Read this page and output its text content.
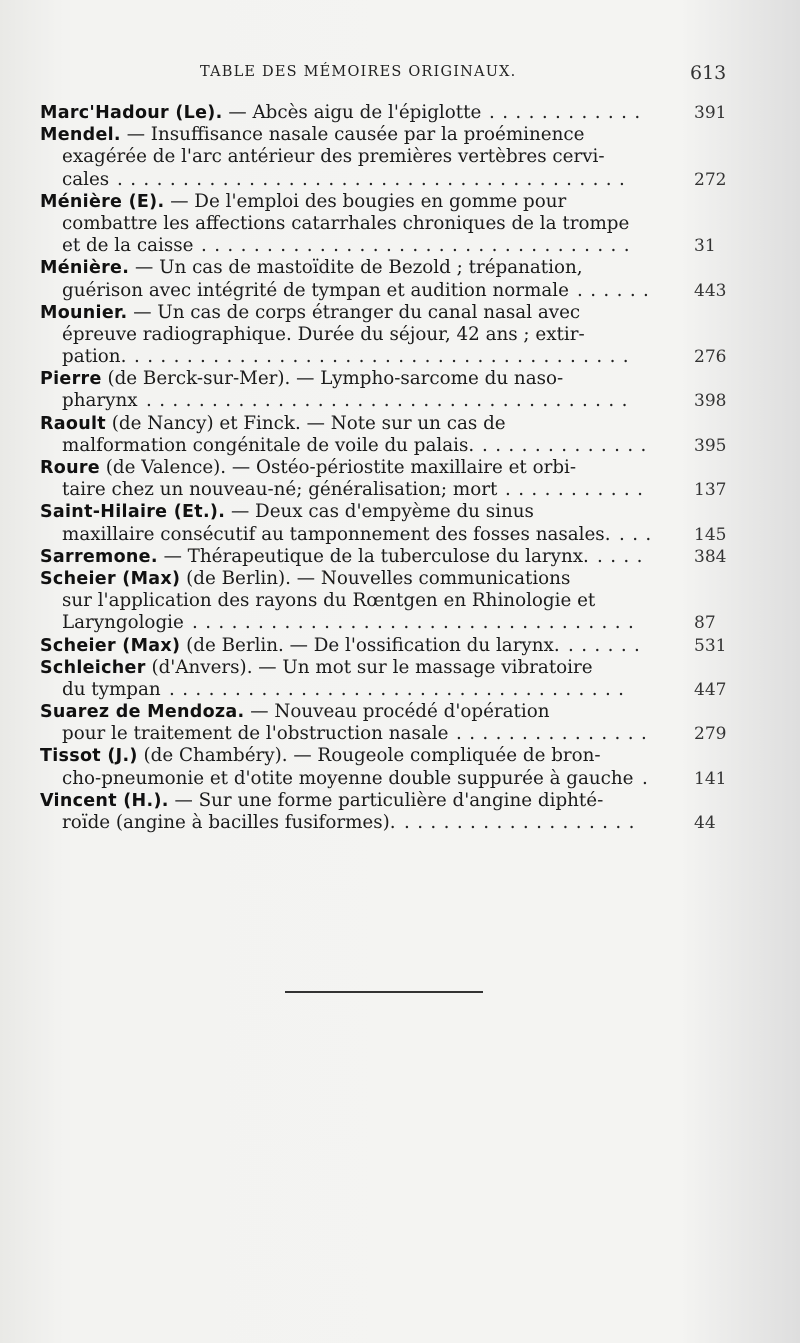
TABLE DES MÉMOIRES ORIGINAUX.	613
Marc'Hadour (Le). — Abcès aigu de l'épiglotte	391
............
Mendel. — Insuffisance nasale causée par la proéminence
exagérée de l'arc antérieur des premières vertèbres cervi-
cales	272
.......................................
Ménière (E). — De l'emploi des bougies en gomme pour
combattre les affections catarrhales chroniques de la trompe
et de la caisse	31
.................................
Ménière. — Un cas de mastoïdite de Bezold ; trépanation,
guérison avec intégrité de tympan et audition normale	443
......
Mounier. — Un cas de corps étranger du canal nasal avec
épreuve radiographique. Durée du séjour, 42 ans ; extir-
pation.	276
......................................
Pierre (de Berck-sur-Mer). — Lympho-sarcome du naso-
pharynx	398
.....................................
Raoult (de Nancy) et Finck. — Note sur un cas de
malformation congénitale de voile du palais.	395
.............
Roure (de Valence). — Ostéo-périostite maxillaire et orbi-
taire chez un nouveau-né; généralisation; mort	137
...........
Saint-Hilaire (Et.). — Deux cas d'empyème du sinus
maxillaire consécutif au tamponnement des fosses nasales.	145
...
Sarremone. — Thérapeutique de la tuberculose du larynx.	384
....
Scheier (Max) (de Berlin). — Nouvelles communications
sur l'application des rayons du Rœntgen en Rhinologie et
Laryngologie	87
..................................
Scheier (Max) (de Berlin. — De l'ossification du larynx.	531
......
Schleicher (d'Anvers). — Un mot sur le massage vibratoire
du tympan	447
...................................
Suarez de Mendoza. — Nouveau procédé d'opération
pour le traitement de l'obstruction nasale	279
...............
Tissot (J.) (de Chambéry). — Rougeole compliquée de bron-
cho-pneumonie et d'otite moyenne double suppurée à gauche	141
.
Vincent (H.). — Sur une forme particulière d'angine diphté-
roïde (angine à bacilles fusiformes).	44
..................
